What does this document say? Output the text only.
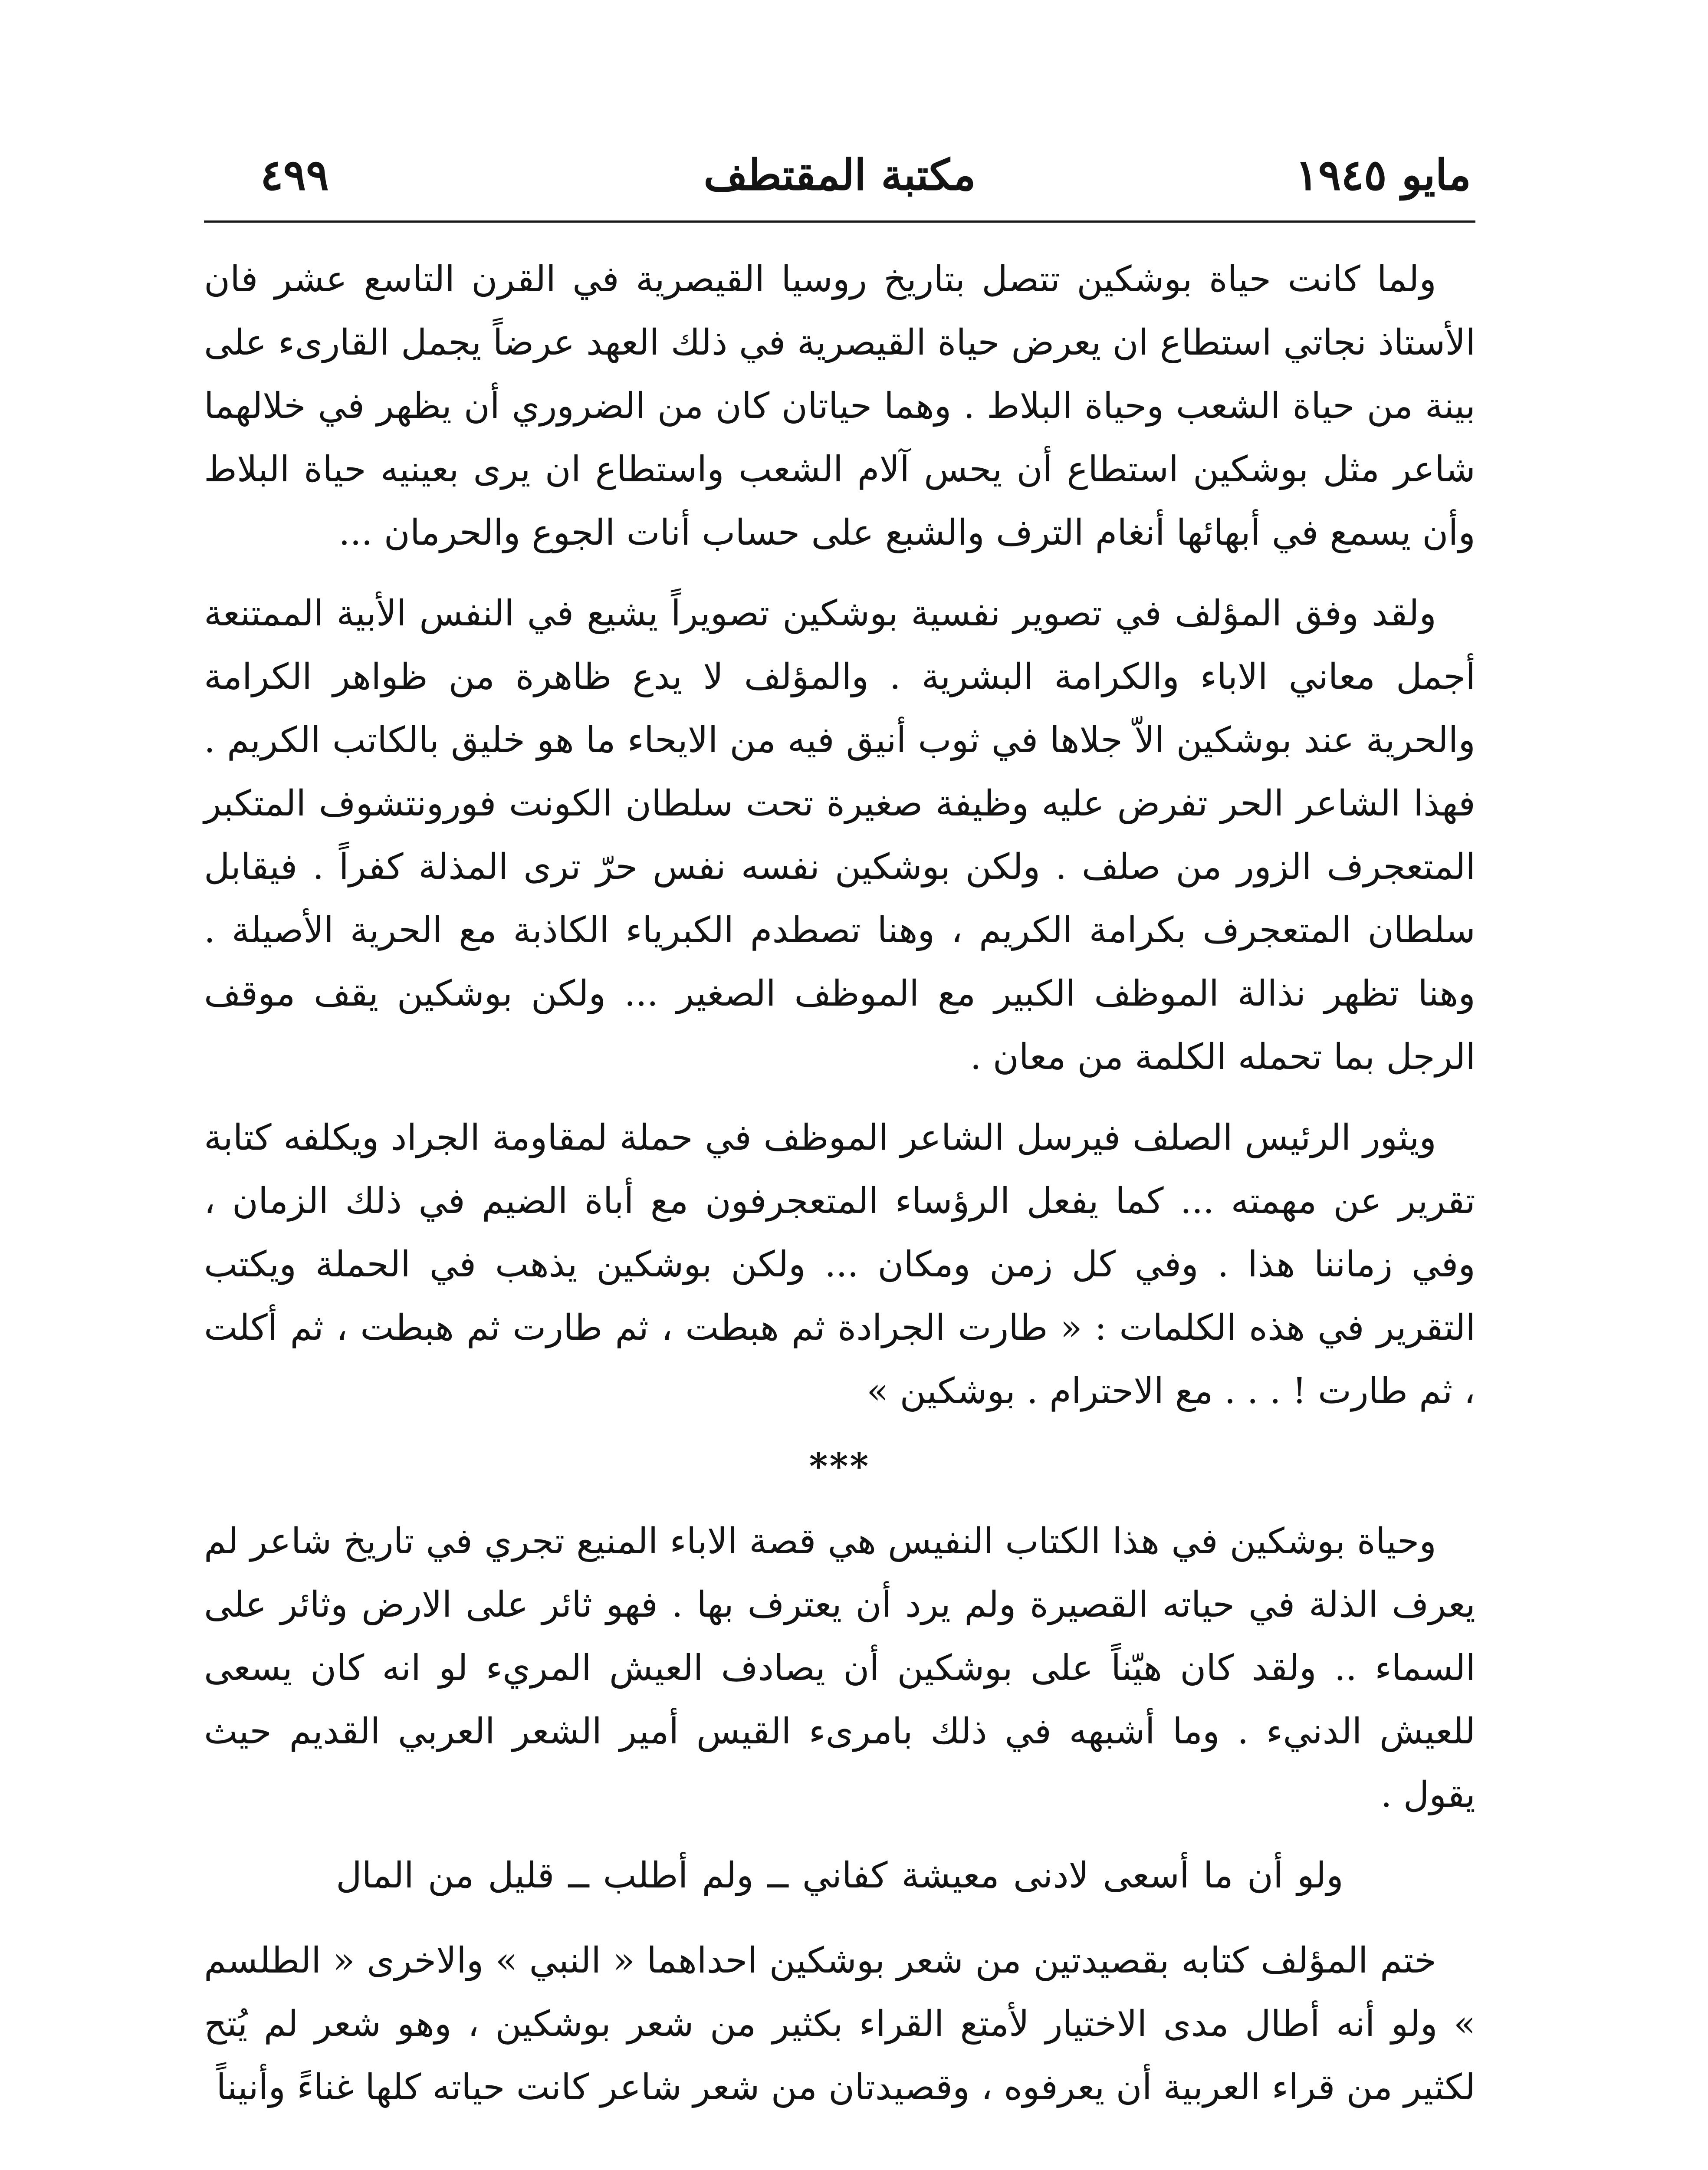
مايو ١٩٤٥
مكتبة المقتطف
٤٩٩

ولما كانت حياة بوشكين تتصل بتاريخ روسيا القيصرية في القرن التاسع عشر فان الأستاذ نجاتي استطاع ان يعرض حياة القيصرية في ذلك العهد عرضاً يجمل القارىء على بينة من حياة الشعب وحياة البلاط . وهما حياتان كان من الضروري أن يظهر في خلالهما شاعر مثل بوشكين استطاع أن يحس آلام الشعب واستطاع ان يرى بعينيه حياة البلاط وأن يسمع في أبهائها أنغام الترف والشبع على حساب أنات الجوع والحرمان ...

ولقد وفق المؤلف في تصوير نفسية بوشكين تصويراً يشيع في النفس الأبية الممتنعة أجمل معاني الاباء والكرامة البشرية . والمؤلف لا يدع ظاهرة من ظواهر الكرامة والحرية عند بوشكين الاّ جلاها في ثوب أنيق فيه من الايحاء ما هو خليق بالكاتب الكريم . فهذا الشاعر الحر تفرض عليه وظيفة صغيرة تحت سلطان الكونت فورونتشوف المتكبر المتعجرف الزور من صلف . ولكن بوشكين نفسه نفس حرّ ترى المذلة كفراً . فيقابل سلطان المتعجرف بكرامة الكريم ، وهنا تصطدم الكبرياء الكاذبة مع الحرية الأصيلة . وهنا تظهر نذالة الموظف الكبير مع الموظف الصغير ... ولكن بوشكين يقف موقف الرجل بما تحمله الكلمة من معان .

ويثور الرئيس الصلف فيرسل الشاعر الموظف في حملة لمقاومة الجراد ويكلفه كتابة تقرير عن مهمته ... كما يفعل الرؤساء المتعجرفون مع أباة الضيم في ذلك الزمان ، وفي زماننا هذا . وفي كل زمن ومكان ... ولكن بوشكين يذهب في الحملة ويكتب التقرير في هذه الكلمات : « طارت الجرادة ثم هبطت ، ثم طارت ثم هبطت ، ثم أكلت ، ثم طارت ! . . . مع الاحترام . بوشكين »

***

وحياة بوشكين في هذا الكتاب النفيس هي قصة الاباء المنيع تجري في تاريخ شاعر لم يعرف الذلة في حياته القصيرة ولم يرد أن يعترف بها . فهو ثائر على الارض وثائر على السماء .. ولقد كان هيّناً على بوشكين أن يصادف العيش المريء لو انه كان يسعى للعيش الدنيء . وما أشبهه في ذلك بامرىء القيس أمير الشعر العربي القديم حيث يقول .

ولو أن ما أسعى لادنى معيشة كفاني ــ ولم أطلب ــ قليل من المال

ختم المؤلف كتابه بقصيدتين من شعر بوشكين احداهما « النبي » والاخرى « الطلسم » ولو أنه أطال مدى الاختيار لأمتع القراء بكثير من شعر بوشكين ، وهو شعر لم يُتح لكثير من قراء العربية أن يعرفوه ، وقصيدتان من شعر شاعر كانت حياته كلها غناءً وأنيناً
